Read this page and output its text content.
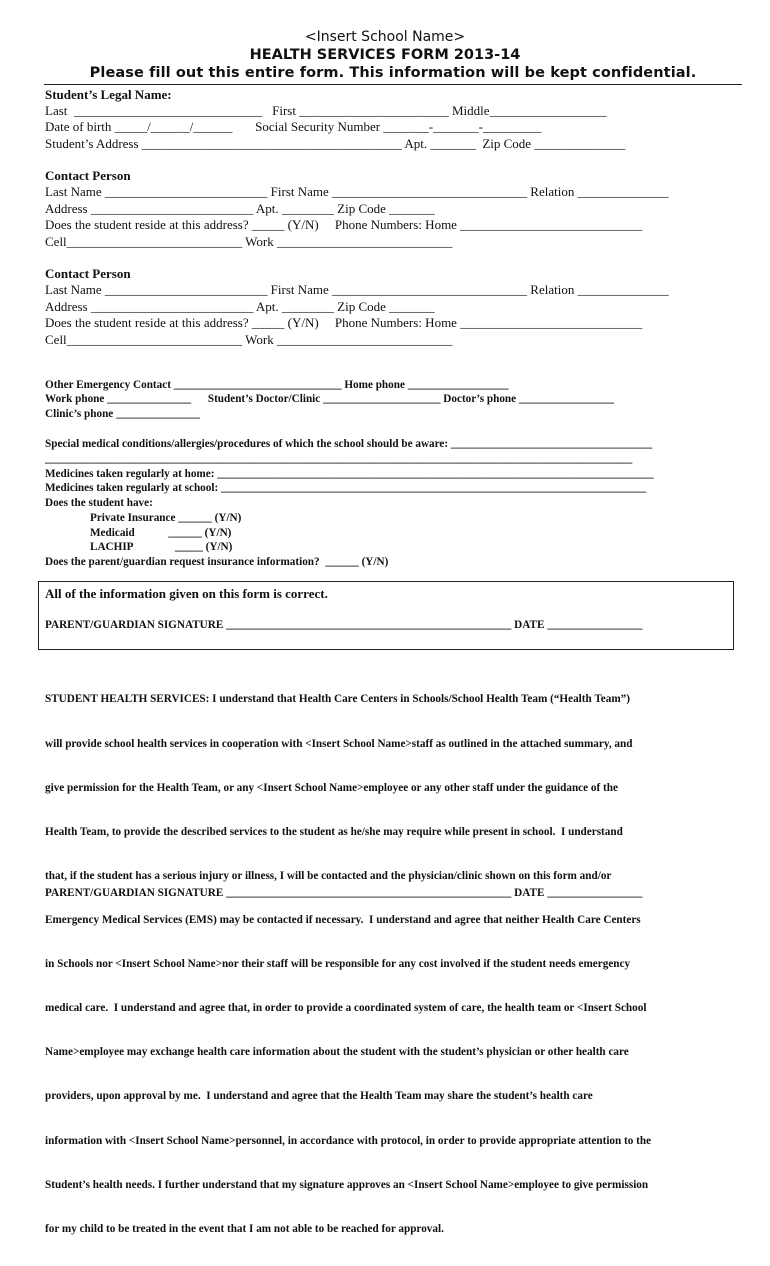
<Insert School Name>
HEALTH SERVICES FORM 2013-14
Please fill out this entire form. This information will be kept confidential.
Student’s Legal Name:
Last  _____________________________   First _______________________ Middle__________________
Date of birth _____/______/______       Social Security Number _______-_______-_________
Student’s Address ________________________________________ Apt. _______  Zip Code ______________
Contact Person
Last Name _________________________ First Name ______________________________ Relation ______________
Address _________________________ Apt. ________ Zip Code _______
Does the student reside at this address? _____ (Y/N)     Phone Numbers: Home ____________________________
Cell___________________________ Work ___________________________
Contact Person
Last Name _________________________ First Name ______________________________ Relation ______________
Address _________________________ Apt. ________ Zip Code _______
Does the student reside at this address? _____ (Y/N)     Phone Numbers: Home ____________________________
Cell___________________________ Work ___________________________
Other Emergency Contact ______________________________ Home phone __________________
Work phone _______________      Student’s Doctor/Clinic _____________________ Doctor’s phone _________________
Clinic’s phone _______________
Special medical conditions/allergies/procedures of which the school should be aware: ____________________________________
_________________________________________________________________________________________________________
Medicines taken regularly at home: ______________________________________________________________________________
Medicines taken regularly at school: ____________________________________________________________________________
Does the student have:
Private Insurance ______ (Y/N)
Medicaid            ______ (Y/N)
LACHIP               _____ (Y/N)
Does the parent/guardian request insurance information?  ______ (Y/N)
All of the information given on this form is correct.
PARENT/GUARDIAN SIGNATURE ___________________________________________________ DATE _________________

STUDENT HEALTH SERVICES: I understand that Health Care Centers in Schools/School Health Team (“Health Team”)

will provide school health services in cooperation with <Insert School Name>staff as outlined in the attached summary, and

give permission for the Health Team, or any <Insert School Name>employee or any other staff under the guidance of the

Health Team, to provide the described services to the student as he/she may require while present in school.  I understand

that, if the student has a serious injury or illness, I will be contacted and the physician/clinic shown on this form and/or

Emergency Medical Services (EMS) may be contacted if necessary.  I understand and agree that neither Health Care Centers

in Schools nor <Insert School Name>nor their staff will be responsible for any cost involved if the student needs emergency

medical care.  I understand and agree that, in order to provide a coordinated system of care, the health team or <Insert School

Name>employee may exchange health care information about the student with the student’s physician or other health care

providers, upon approval by me.  I understand and agree that the Health Team may share the student’s health care

information with <Insert School Name>personnel, in accordance with protocol, in order to provide appropriate attention to the

Student’s health needs. I further understand that my signature approves an <Insert School Name>employee to give permission

for my child to be treated in the event that I am not able to be reached for approval.

PARENT/GUARDIAN SIGNATURE ___________________________________________________ DATE _________________
